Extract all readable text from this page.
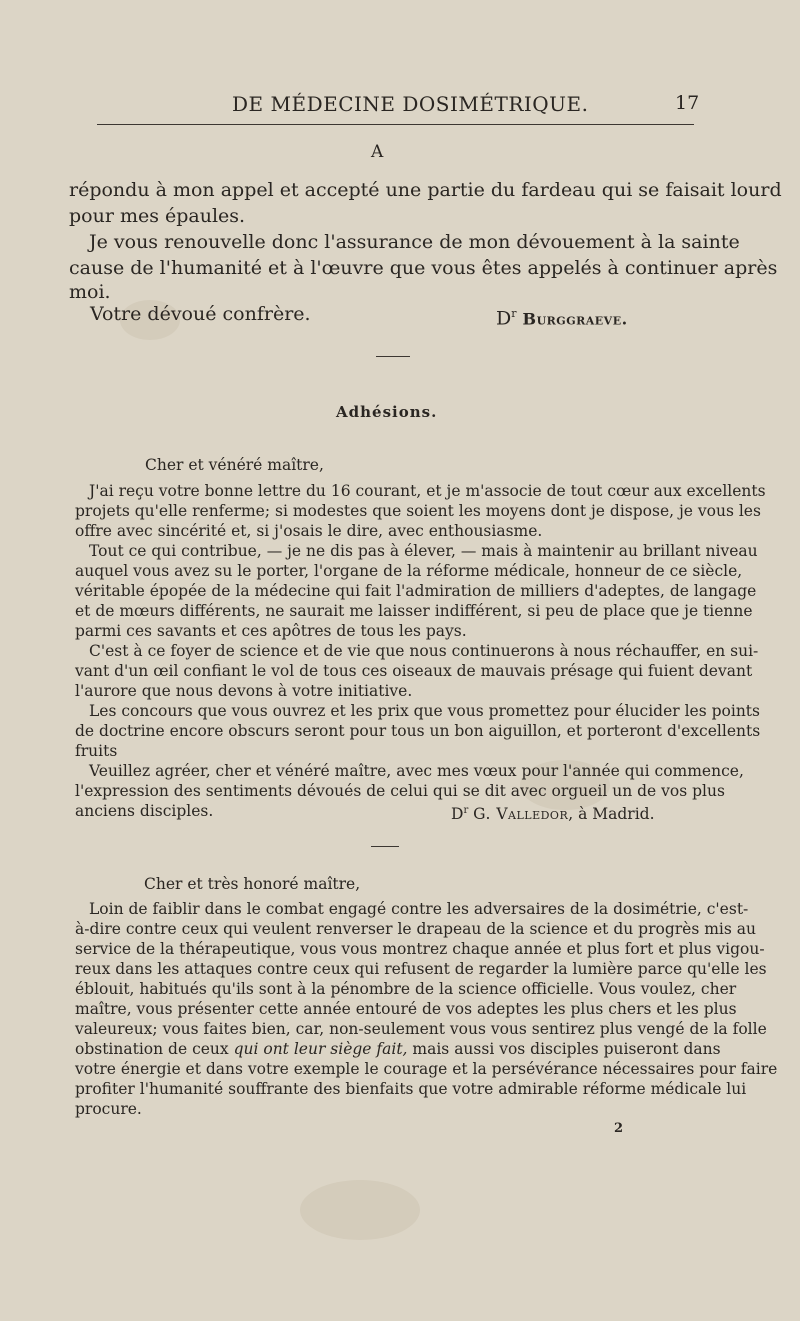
DE MÉDECINE DOSIMÉTRIQUE.	17
A
répondu à mon appel et accepté une partie du fardeau qui se faisait lourd
pour mes épaules.
Je vous renouvelle donc l'assurance de mon dévouement à la sainte
cause de l'humanité et à l'œuvre que vous êtes appelés à continuer après
moi.
Votre dévoué confrère.	$D^r$ Burggraeve.
Adhésions.
Cher et vénéré maître,
J'ai reçu votre bonne lettre du 16 courant, et je m'associe de tout cœur aux excellents
projets qu'elle renferme; si modestes que soient les moyens dont je dispose, je vous les
offre avec sincérité et, si j'osais le dire, avec enthousiasme.
Tout ce qui contribue, — je ne dis pas à élever, — mais à maintenir au brillant niveau
auquel vous avez su le porter, l'organe de la réforme médicale, honneur de ce siècle,
véritable épopée de la médecine qui fait l'admiration de milliers d'adeptes, de langage
et de mœurs différents, ne saurait me laisser indifférent, si peu de place que je tienne
parmi ces savants et ces apôtres de tous les pays.
C'est à ce foyer de science et de vie que nous continuerons à nous réchauffer, en sui-
vant d'un œil confiant le vol de tous ces oiseaux de mauvais présage qui fuient devant
l'aurore que nous devons à votre initiative.
Les concours que vous ouvrez et les prix que vous promettez pour élucider les points
de doctrine encore obscurs seront pour tous un bon aiguillon, et porteront d'excellents
fruits
Veuillez agréer, cher et vénéré maître, avec mes vœux pour l'année qui commence,
l'expression des sentiments dévoués de celui qui se dit avec orgueil un de vos plus
anciens disciples.	$D^r$ G. Valledor, à Madrid.
Cher et très honoré maître,
Loin de faiblir dans le combat engagé contre les adversaires de la dosimétrie, c'est-
à-dire contre ceux qui veulent renverser le drapeau de la science et du progrès mis au
service de la thérapeutique, vous vous montrez chaque année et plus fort et plus vigou-
reux dans les attaques contre ceux qui refusent de regarder la lumière parce qu'elle les
éblouit, habitués qu'ils sont à la pénombre de la science officielle. Vous voulez, cher
maître, vous présenter cette année entouré de vos adeptes les plus chers et les plus
valeureux; vous faites bien, car, non-seulement vous vous sentirez plus vengé de la folle
obstination de ceux qui ont leur siège fait, mais aussi vos disciples puiseront dans
votre énergie et dans votre exemple le courage et la persévérance nécessaires pour faire
profiter l'humanité souffrante des bienfaits que votre admirable réforme médicale lui
procure.
2
